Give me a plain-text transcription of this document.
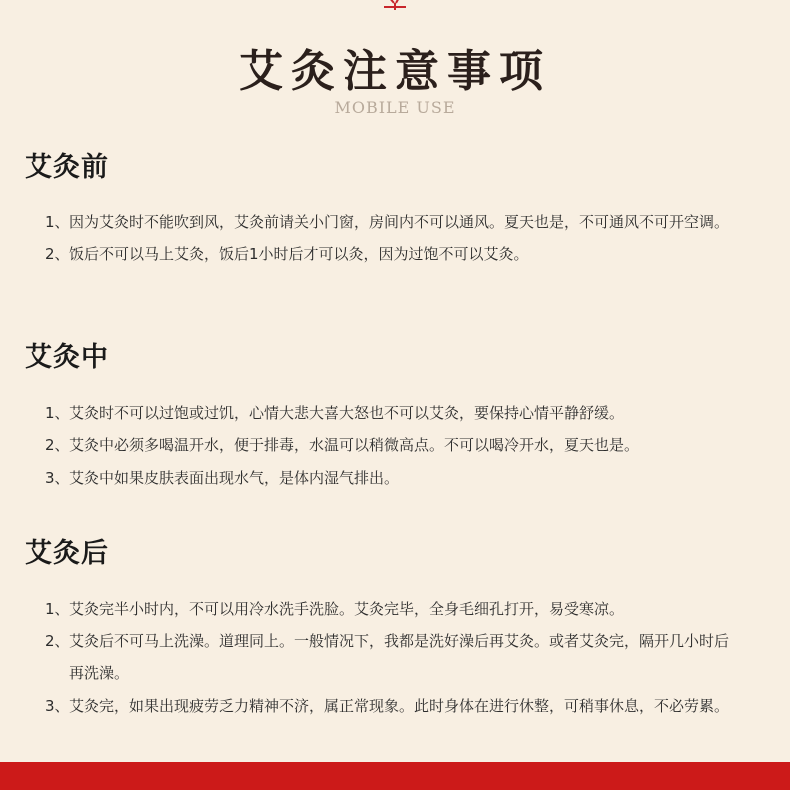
艾灸注意事项
MOBILE USE
艾灸前
1、因为艾灸时不能吹到风，艾灸前请关小门窗，房间内不可以通风。夏天也是，不可通风不可开空调。
2、饭后不可以马上艾灸，饭后1小时后才可以灸，因为过饱不可以艾灸。
艾灸中
1、艾灸时不可以过饱或过饥，心情大悲大喜大怒也不可以艾灸，要保持心情平静舒缓。
2、艾灸中必须多喝温开水，便于排毒，水温可以稍微高点。不可以喝冷开水，夏天也是。
3、艾灸中如果皮肤表面出现水气，是体内湿气排出。
艾灸后
1、艾灸完半小时内，不可以用冷水洗手洗脸。艾灸完毕，全身毛细孔打开，易受寒凉。
2、艾灸后不可马上洗澡。道理同上。一般情况下，我都是洗好澡后再艾灸。或者艾灸完，隔开几小时后
再洗澡。
3、艾灸完，如果出现疲劳乏力精神不济，属正常现象。此时身体在进行休整，可稍事休息，不必劳累。
